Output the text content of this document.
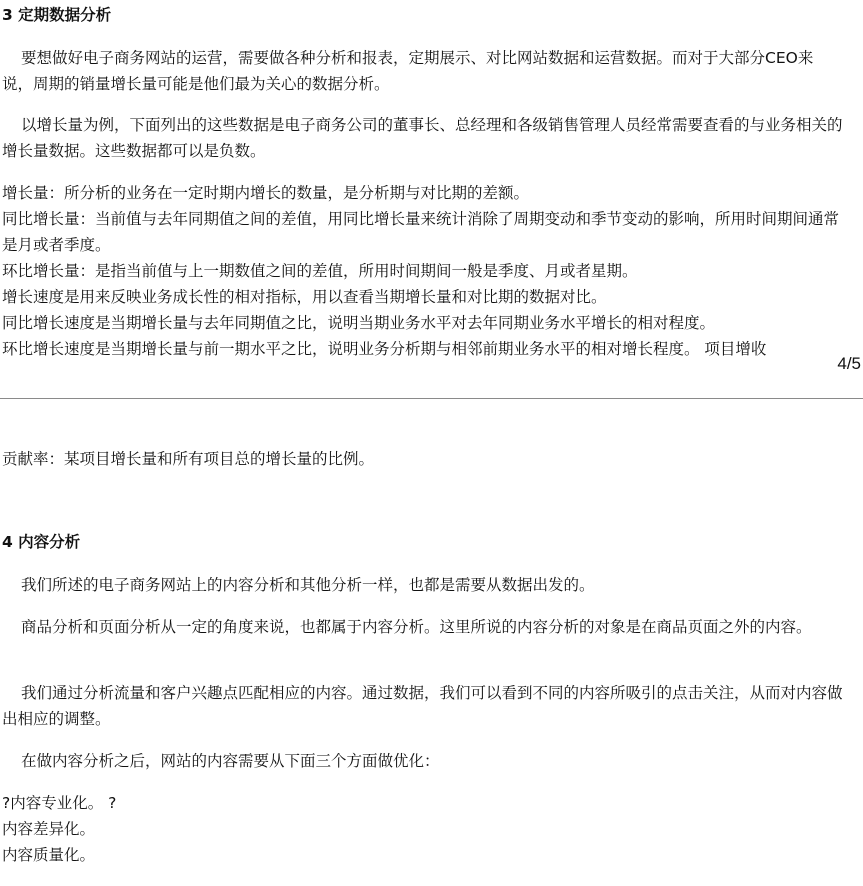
3 定期数据分析
要想做好电子商务网站的运营，需要做各种分析和报表，定期展示、对比网站数据和运营数据。而对于大部分CEO来说，周期的销量增长量可能是他们最为关心的数据分析。
以增长量为例，下面列出的这些数据是电子商务公司的董事长、总经理和各级销售管理人员经常需要查看的与业务相关的增长量数据。这些数据都可以是负数。
增长量：所分析的业务在一定时期内增长的数量，是分析期与对比期的差额。
同比增长量：当前值与去年同期值之间的差值，用同比增长量来统计消除了周期变动和季节变动的影响，所用时间期间通常是月或者季度。
环比增长量：是指当前值与上一期数值之间的差值，所用时间期间一般是季度、月或者星期。
增长速度是用来反映业务成长性的相对指标，用以查看当期增长量和对比期的数据对比。
同比增长速度是当期增长量与去年同期值之比，说明当期业务水平对去年同期业务水平增长的相对程度。
环比增长速度是当期增长量与前一期水平之比，说明业务分析期与相邻前期业务水平的相对增长程度。 项目增收
4/5
贡献率：某项目增长量和所有项目总的增长量的比例。
4 内容分析
我们所述的电子商务网站上的内容分析和其他分析一样，也都是需要从数据出发的。
商品分析和页面分析从一定的角度来说，也都属于内容分析。这里所说的内容分析的对象是在商品页面之外的内容。
我们通过分析流量和客户兴趣点匹配相应的内容。通过数据，我们可以看到不同的内容所吸引的点击关注，从而对内容做出相应的调整。
在做内容分析之后，网站的内容需要从下面三个方面做优化：
?内容专业化。 ?
内容差异化。
内容质量化。
